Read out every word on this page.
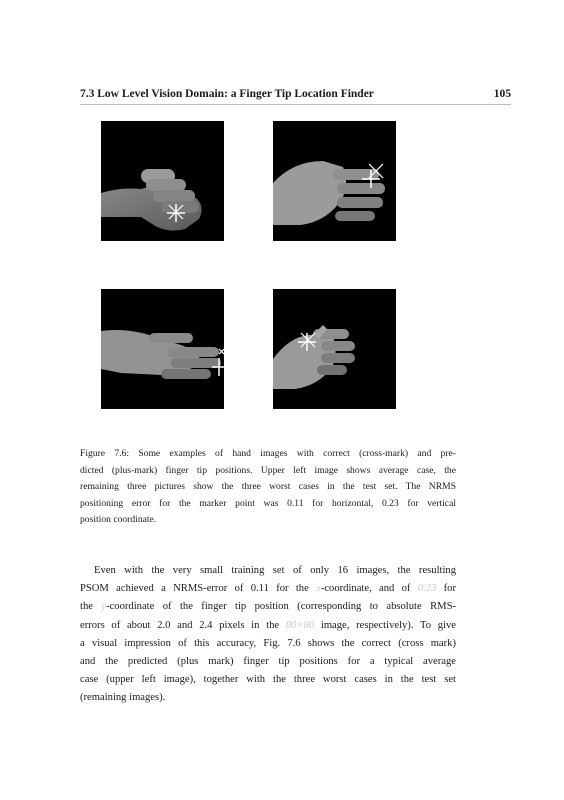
7.3 Low Level Vision Domain: a Finger Tip Location Finder	105
Figure 7.6: Some examples of hand images with correct (cross-mark) and pre-
dicted (plus-mark) finger tip positions. Upper left image shows average case, the
remaining three pictures show the three worst cases in the test set. The NRMS
positioning error for the marker point was 0.11 for horizontal, 0.23 for vertical
position coordinate.
Even with the very small training set of only 16 images, the resulting
PSOM achieved a NRMS-error of 0.11 for the x-coordinate, and of 0.23 for
the y-coordinate of the finger tip position (corresponding to absolute RMS-
errors of about 2.0 and 2.4 pixels in the 80×80 image, respectively). To give
a visual impression of this accuracy, Fig. 7.6 shows the correct (cross mark)
and the predicted (plus mark) finger tip positions for a typical average
case (upper left image), together with the three worst cases in the test set
(remaining images).
